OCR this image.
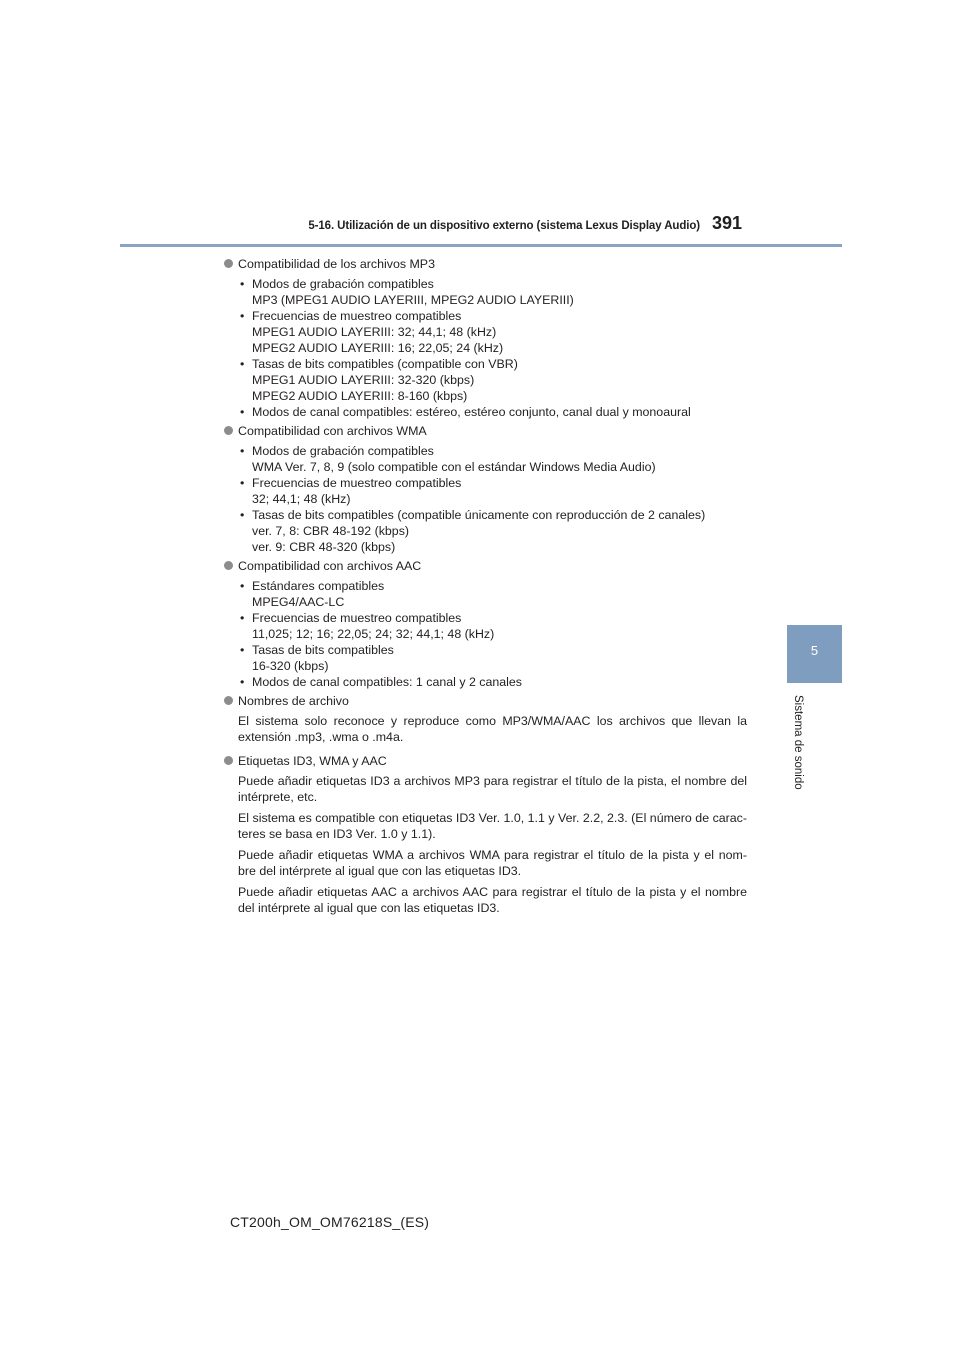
5-16. Utilización de un dispositivo externo (sistema Lexus Display Audio) 391
5
Sistema de sonido
Compatibilidad de los archivos MP3
• Modos de grabación compatibles
MP3 (MPEG1 AUDIO LAYERIII, MPEG2 AUDIO LAYERIII)
• Frecuencias de muestreo compatibles
MPEG1 AUDIO LAYERIII: 32; 44,1; 48 (kHz)
MPEG2 AUDIO LAYERIII: 16; 22,05; 24 (kHz)
• Tasas de bits compatibles (compatible con VBR)
MPEG1 AUDIO LAYERIII: 32-320 (kbps)
MPEG2 AUDIO LAYERIII: 8-160 (kbps)
• Modos de canal compatibles: estéreo, estéreo conjunto, canal dual y monoaural
Compatibilidad con archivos WMA
• Modos de grabación compatibles
WMA Ver. 7, 8, 9 (solo compatible con el estándar Windows Media Audio)
• Frecuencias de muestreo compatibles
32; 44,1; 48 (kHz)
• Tasas de bits compatibles (compatible únicamente con reproducción de 2 canales)
ver. 7, 8: CBR 48-192 (kbps)
ver. 9: CBR 48-320 (kbps)
Compatibilidad con archivos AAC
• Estándares compatibles
MPEG4/AAC-LC
• Frecuencias de muestreo compatibles
11,025; 12; 16; 22,05; 24; 32; 44,1; 48 (kHz)
• Tasas de bits compatibles
16-320 (kbps)
• Modos de canal compatibles: 1 canal y 2 canales
Nombres de archivo
El sistema solo reconoce y reproduce como MP3/WMA/AAC los archivos que llevan la extensión .mp3, .wma o .m4a.
Etiquetas ID3, WMA y AAC
Puede añadir etiquetas ID3 a archivos MP3 para registrar el título de la pista, el nombre del intérprete, etc.
El sistema es compatible con etiquetas ID3 Ver. 1.0, 1.1 y Ver. 2.2, 2.3. (El número de carac- teres se basa en ID3 Ver. 1.0 y 1.1).
Puede añadir etiquetas WMA a archivos WMA para registrar el título de la pista y el nom- bre del intérprete al igual que con las etiquetas ID3.
Puede añadir etiquetas AAC a archivos AAC para registrar el título de la pista y el nombre del intérprete al igual que con las etiquetas ID3.
CT200h_OM_OM76218S_(ES)
